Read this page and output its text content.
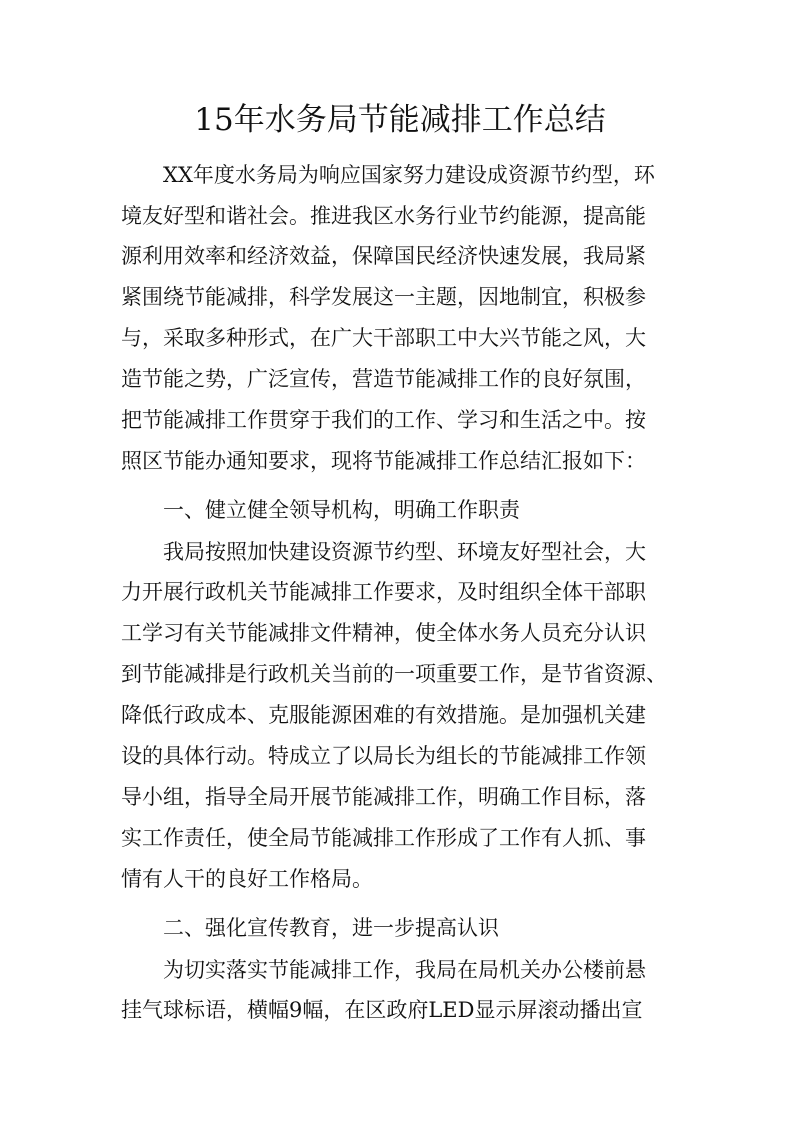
15年水务局节能减排工作总结

XX年度水务局为响应国家努力建设成资源节约型，环

境友好型和谐社会。推进我区水务行业节约能源，提高能

源利用效率和经济效益，保障国民经济快速发展，我局紧

紧围绕节能减排，科学发展这一主题，因地制宜，积极参

与，采取多种形式，在广大干部职工中大兴节能之风，大

造节能之势，广泛宣传，营造节能减排工作的良好氛围，

把节能减排工作贯穿于我们的工作、学习和生活之中。按

照区节能办通知要求，现将节能减排工作总结汇报如下：

一、健立健全领导机构，明确工作职责

我局按照加快建设资源节约型、环境友好型社会，大

力开展行政机关节能减排工作要求，及时组织全体干部职

工学习有关节能减排文件精神，使全体水务人员充分认识

到节能减排是行政机关当前的一项重要工作，是节省资源、

降低行政成本、克服能源困难的有效措施。是加强机关建

设的具体行动。特成立了以局长为组长的节能减排工作领

导小组，指导全局开展节能减排工作，明确工作目标，落

实工作责任，使全局节能减排工作形成了工作有人抓、事

情有人干的良好工作格局。

二、强化宣传教育，进一步提高认识

为切实落实节能减排工作，我局在局机关办公楼前悬

挂气球标语，横幅9幅，在区政府LED显示屏滚动播出宣
